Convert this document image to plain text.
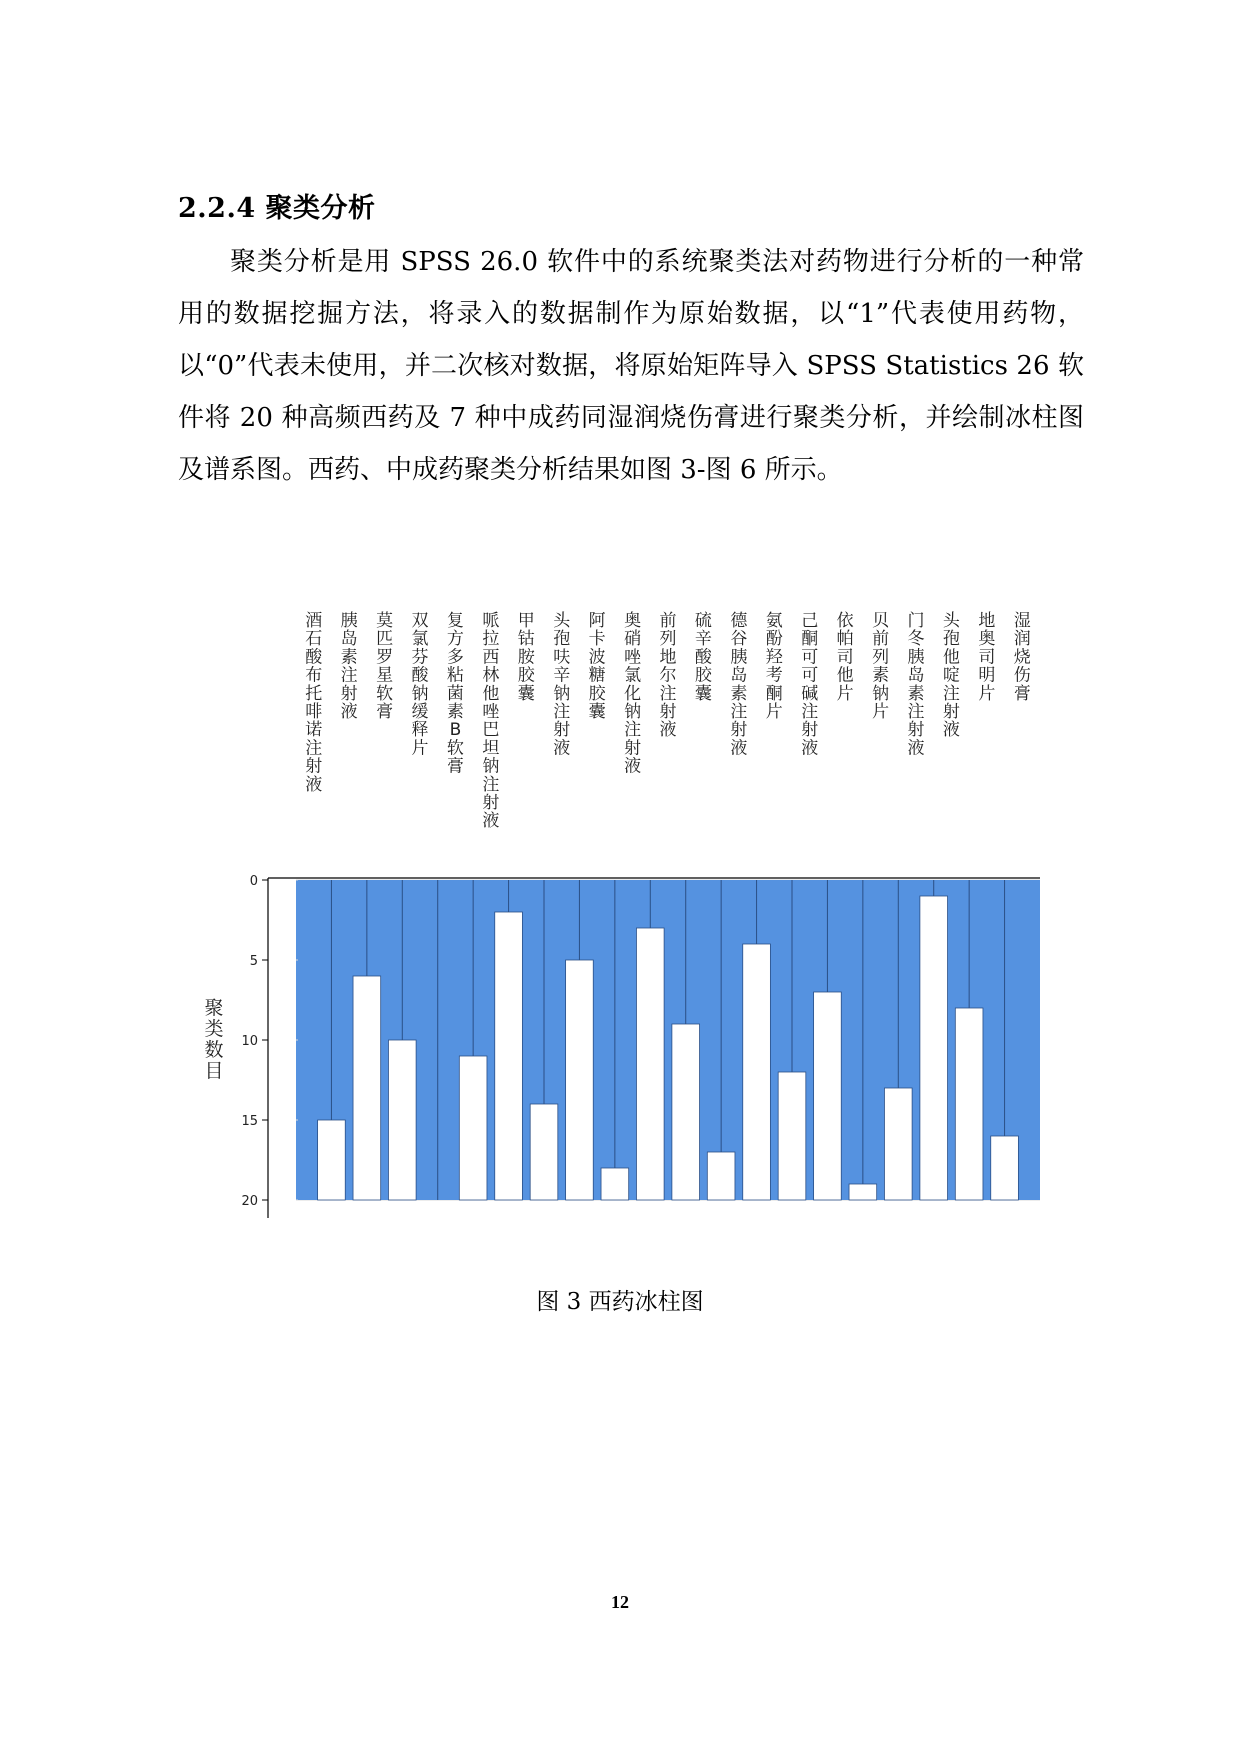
2.2.4 聚类分析

聚类分析是用 SPSS 26.0 软件中的系统聚类法对药物进行分析的一种常用的数据挖掘方法，将录入的数据制作为原始数据，以“1”代表使用药物，以“0”代表未使用，并二次核对数据，将原始矩阵导入 SPSS Statistics 26 软件将 20 种高频西药及 7 种中成药同湿润烧伤膏进行聚类分析，并绘制冰柱图及谱系图。西药、中成药聚类分析结果如图 3-图 6 所示。

0
5
10
15
20
聚
类
数
目
酒石酸布托啡诺注射液
胰岛素注射液
莫匹罗星软膏
双氯芬酸钠缓释片
复方多粘菌素 B 软膏
哌拉西林他唑巴坦钠注射液
甲钴胺胶囊
头孢呋辛钠注射液
阿卡波糖胶囊
奥硝唑氯化钠注射液
前列地尔注射液
硫辛酸胶囊
德谷胰岛素注射液
氨酚羟考酮片
己酮可可碱注射液
依帕司他片
贝前列素钠片
门冬胰岛素注射液
头孢他啶注射液
地奥司明片
湿润烧伤膏
图 3 西药冰柱图
12
